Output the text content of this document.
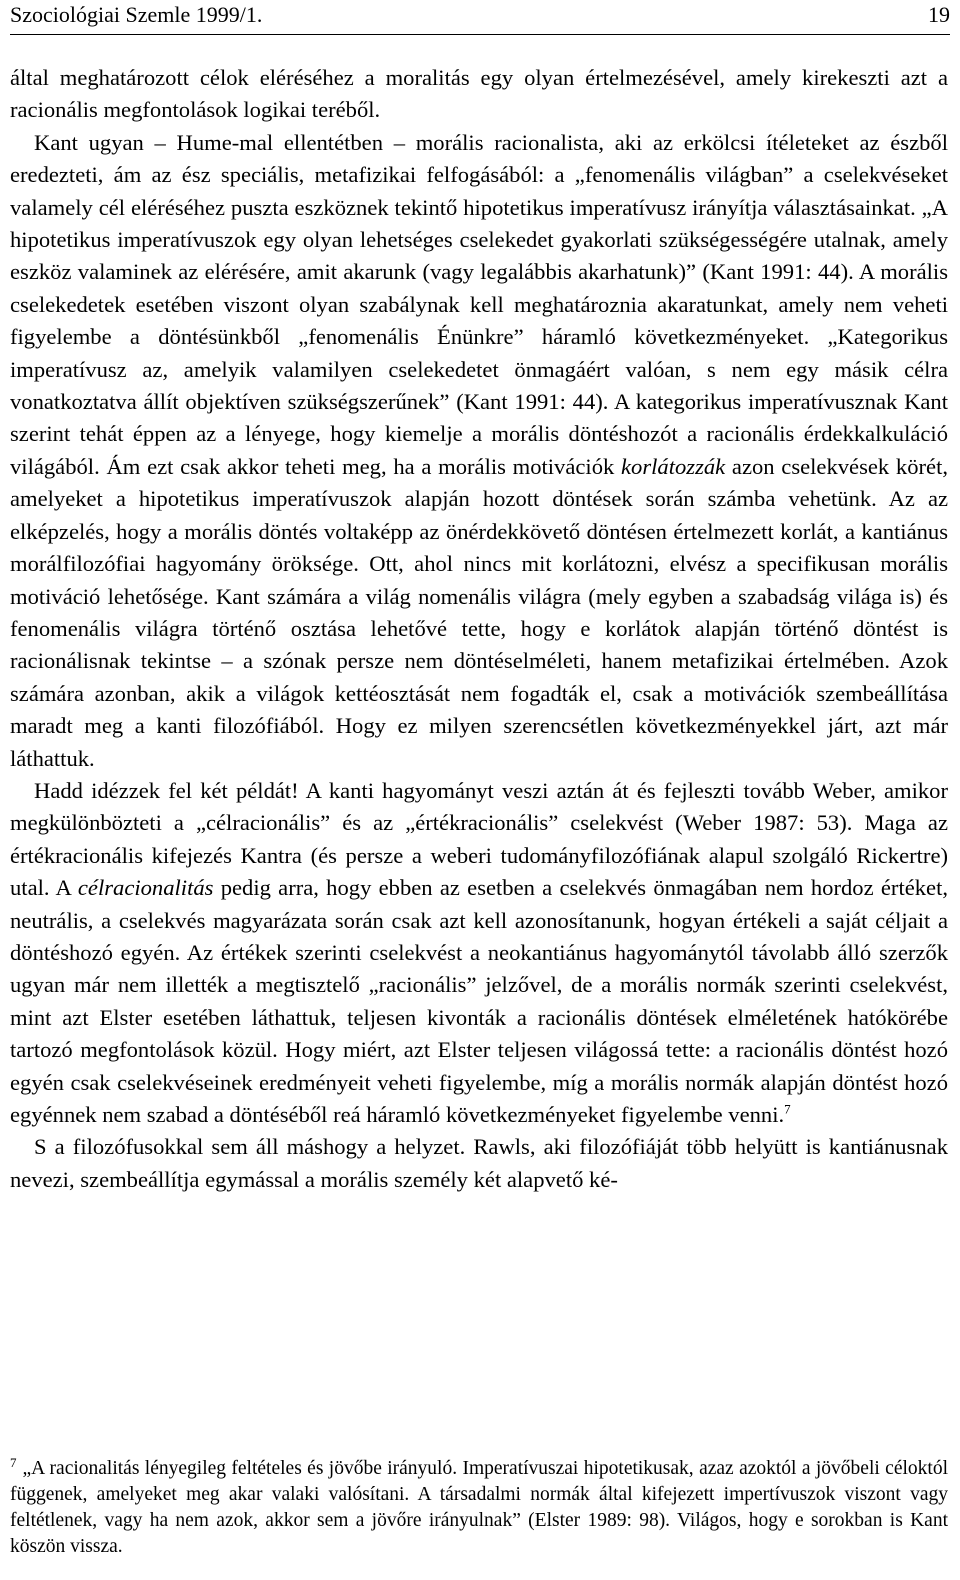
Szociológiai Szemle 1999/1.	19

által meghatározott célok eléréséhez a moralitás egy olyan értelmezésével, amely kirekeszti azt a racionális megfontolások logikai teréből.

Kant ugyan – Hume-mal ellentétben – morális racionalista, aki az erkölcsi ítéleteket az észből eredezteti, ám az ész speciális, metafizikai felfogásából: a „fenomenális világban” a cselekvéseket valamely cél eléréséhez puszta eszköznek tekintő hipotetikus imperatívusz irányítja választásainkat. „A hipotetikus imperatívuszok egy olyan lehetséges cselekedet gyakorlati szükségességére utalnak, amely eszköz valaminek az elérésére, amit akarunk (vagy legalábbis akarhatunk)” (Kant 1991: 44). A morális cselekedetek esetében viszont olyan szabálynak kell meghatároznia akaratunkat, amely nem veheti figyelembe a döntésünkből „fenomenális Énünkre” háramló következményeket. „Kategorikus imperatívusz az, amelyik valamilyen cselekedetet önmagáért valóan, s nem egy másik célra vonatkoztatva állít objektíven szükségszerűnek” (Kant 1991: 44). A kategorikus imperatívusznak Kant szerint tehát éppen az a lényege, hogy kiemelje a morális döntéshozót a racionális érdekkalkuláció világából. Ám ezt csak akkor teheti meg, ha a morális motivációk korlátozzák azon cselekvések körét, amelyeket a hipotetikus imperatívuszok alapján hozott döntések során számba vehetünk. Az az elképzelés, hogy a morális döntés voltaképp az önérdekkövető döntésen értelmezett korlát, a kantiánus morálfilozófiai hagyomány öröksége. Ott, ahol nincs mit korlátozni, elvész a specifikusan morális motiváció lehetősége. Kant számára a világ nomenális világra (mely egyben a szabadság világa is) és fenomenális világra történő osztása lehetővé tette, hogy e korlátok alapján történő döntést is racionálisnak tekintse – a szónak persze nem döntéselméleti, hanem metafizikai értelmében. Azok számára azonban, akik a világok kettéosztását nem fogadták el, csak a motivációk szembeállítása maradt meg a kanti filozófiából. Hogy ez milyen szerencsétlen következményekkel járt, azt már láthattuk.

Hadd idézzek fel két példát! A kanti hagyományt veszi aztán át és fejleszti tovább Weber, amikor megkülönbözteti a „célracionális” és az „értékracionális” cselekvést (Weber 1987: 53). Maga az értékracionális kifejezés Kantra (és persze a weberi tudományfilozófiának alapul szolgáló Rickertre) utal. A célracionalitás pedig arra, hogy ebben az esetben a cselekvés önmagában nem hordoz értéket, neutrális, a cselekvés magyarázata során csak azt kell azonosítanunk, hogyan értékeli a saját céljait a döntéshozó egyén. Az értékek szerinti cselekvést a neokantiánus hagyománytól távolabb álló szerzők ugyan már nem illették a megtisztelő „racionális” jelzővel, de a morális normák szerinti cselekvést, mint azt Elster esetében láthattuk, teljesen kivonták a racionális döntések elméletének hatókörébe tartozó megfontolások közül. Hogy miért, azt Elster teljesen világossá tette: a racionális döntést hozó egyén csak cselekvéseinek eredményeit veheti figyelembe, míg a morális normák alapján döntést hozó egyénnek nem szabad a döntéséből reá háramló következményeket figyelembe venni.$^7$

S a filozófusokkal sem áll máshogy a helyzet. Rawls, aki filozófiáját több helyütt is kantiánusnak nevezi, szembeállítja egymással a morális személy két alapvető ké-

$^7$ „A racionalitás lényegileg feltételes és jövőbe irányuló. Imperatívuszai hipotetikusak, azaz azoktól a jövőbeli céloktól függenek, amelyeket meg akar valaki valósítani. A társadalmi normák által kifejezett impertívuszok viszont vagy feltétlenek, vagy ha nem azok, akkor sem a jövőre irányulnak” (Elster 1989: 98). Világos, hogy e sorokban is Kant köszön vissza.
